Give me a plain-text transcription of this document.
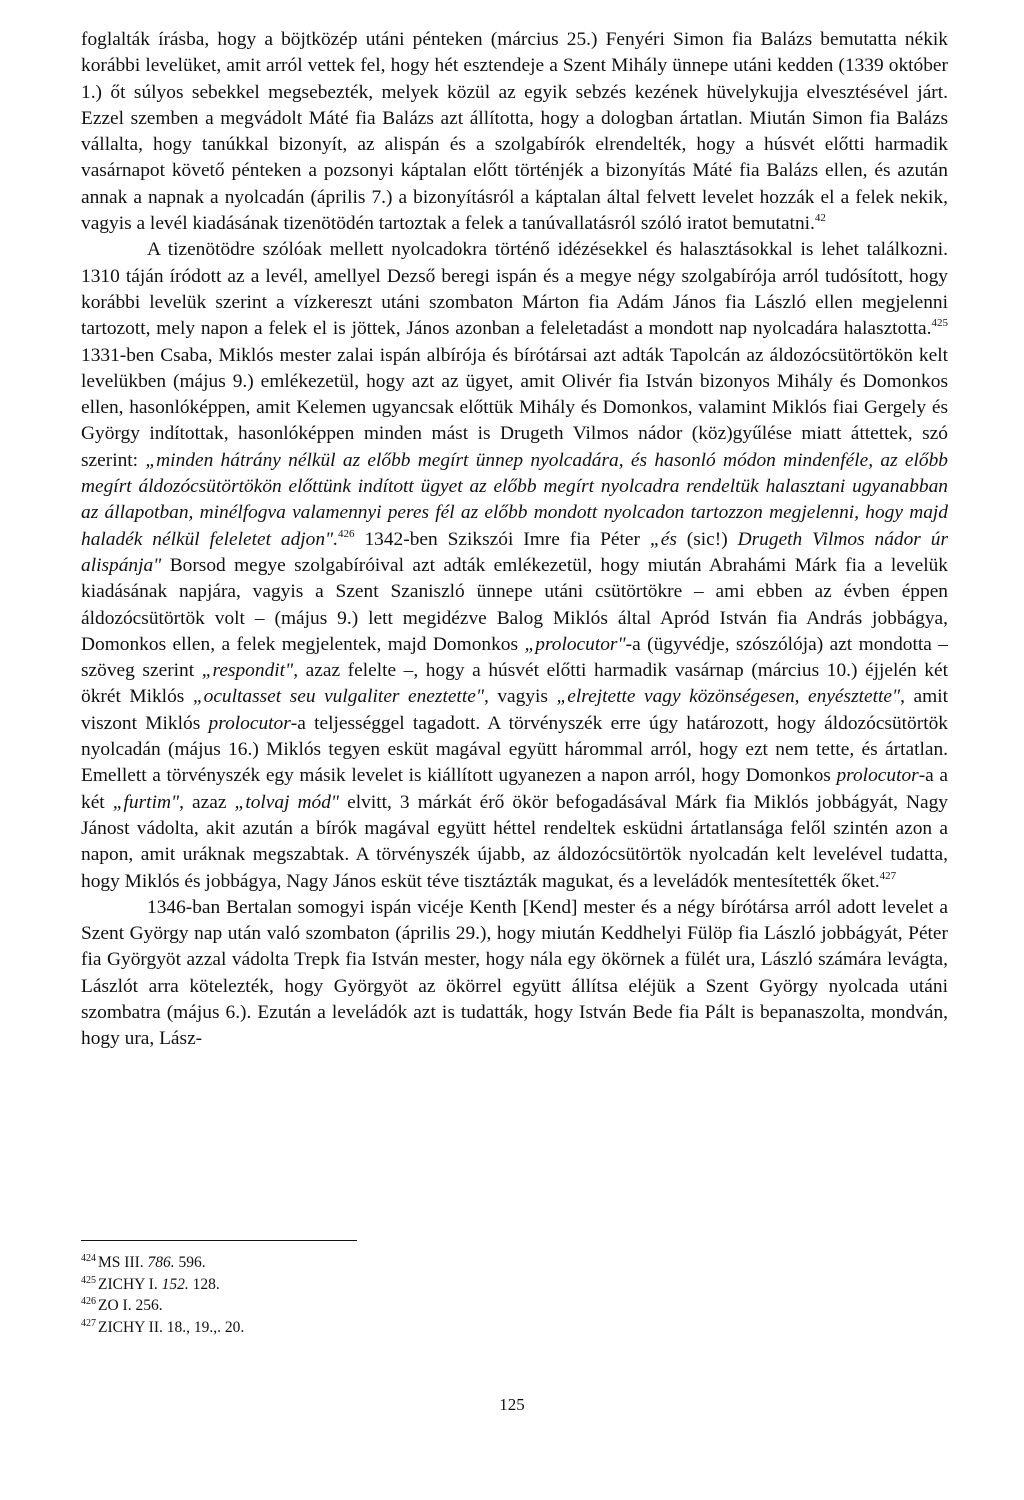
foglalták írásba, hogy a böjtközép utáni pénteken (március 25.) Fenyéri Simon fia Balázs bemutatta nékik korábbi levelüket, amit arról vettek fel, hogy hét esztendeje a Szent Mihály ünnepe utáni kedden (1339 október 1.) őt súlyos sebekkel megsebezték, melyek közül az egyik sebzés kezének hüvelykujja elvesztésével járt. Ezzel szemben a megvádolt Máté fia Balázs azt állította, hogy a dologban ártatlan. Miután Simon fia Balázs vállalta, hogy tanúkkal bizonyít, az alispán és a szolgabírók elrendelték, hogy a húsvét előtti harmadik vasárnapot követő pénteken a pozsonyi káptalan előtt történjék a bizonyítás Máté fia Balázs ellen, és azután annak a napnak a nyolcadán (április 7.) a bizonyításról a káptalan által felvett levelet hozzák el a felek nekik, vagyis a levél kiadásának tizenötödén tartoztak a felek a tanúvallatásról szóló iratot bemutatni.$^{42}$

A tizenötödre szólóak mellett nyolcadokra történő idézésekkel és halasztásokkal is lehet találkozni. 1310 táján íródott az a levél, amellyel Dezső beregi ispán és a megye négy szolgabírója arról tudósított, hogy korábbi levelük szerint a vízkereszt utáni szombaton Márton fia Adám János fia László ellen megjelenni tartozott, mely napon a felek el is jöttek, János azonban a feleletadást a mondott nap nyolcadára halasztotta.$^{425}$ 1331-ben Csaba, Miklós mester zalai ispán albírója és bírótársai azt adták Tapolcán az áldozócsütörtökön kelt levelükben (május 9.) emlékezetül, hogy azt az ügyet, amit Olivér fia István bizonyos Mihály és Domonkos ellen, hasonlóképpen, amit Kelemen ugyancsak előttük Mihály és Domonkos, valamint Miklós fiai Gergely és György indítottak, hasonlóképpen minden mást is Drugeth Vilmos nádor (köz)gyűlése miatt áttettek, szó szerint: „minden hátrány nélkül az előbb megírt ünnep nyolcadára, és hasonló módon mindenféle, az előbb megírt áldozócsütörtökön előttünk indított ügyet az előbb megírt nyolcadra rendeltük halasztani ugyanabban az állapotban, minélfogva valamennyi peres fél az előbb mondott nyolcadon tartozzon megjelenni, hogy majd haladék nélkül feleletet adjon".$^{426}$ 1342-ben Szikszói Imre fia Péter „és (sic!) Drugeth Vilmos nádor úr alispánja" Borsod megye szolgabíróival azt adták emlékezetül, hogy miután Abrahámi Márk fia a levelük kiadásának napjára, vagyis a Szent Szaniszló ünnepe utáni csütörtökre – ami ebben az évben éppen áldozócsütörtök volt – (május 9.) lett megidézve Balog Miklós által Apród István fia András jobbágya, Domonkos ellen, a felek megjelentek, majd Domonkos „prolocutor"-a (ügyvédje, szószólója) azt mondotta – szöveg szerint „respondit", azaz felelte –, hogy a húsvét előtti harmadik vasárnap (március 10.) éjjelén két ökrét Miklós „ocultasset seu vulgaliter eneztette", vagyis „elrejtette vagy közönségesen, enyésztette", amit viszont Miklós prolocutor-a teljességgel tagadott. A törvényszék erre úgy határozott, hogy áldozócsütörtök nyolcadán (május 16.) Miklós tegyen esküt magával együtt hárommal arról, hogy ezt nem tette, és ártatlan. Emellett a törvényszék egy másik levelet is kiállított ugyanezen a napon arról, hogy Domonkos prolocutor-a a két „furtim", azaz „tolvaj mód" elvitt, 3 márkát érő ökör befogadásával Márk fia Miklós jobbágyát, Nagy Jánost vádolta, akit azután a bírók magával együtt héttel rendeltek esküdni ártatlansága felől szintén azon a napon, amit uráknak megszabtak. A törvényszék újabb, az áldozócsütörtök nyolcadán kelt levelével tudatta, hogy Miklós és jobbágya, Nagy János esküt téve tisztázták magukat, és a leveládók mentesítették őket.$^{427}$

1346-ban Bertalan somogyi ispán vicéje Kenth [Kend] mester és a négy bírótársa arról adott levelet a Szent György nap után való szombaton (április 29.), hogy miután Keddhelyi Fülöp fia László jobbágyát, Péter fia Györgyöt azzal vádolta Trepk fia István mester, hogy nála egy ökörnek a fülét ura, László számára levágta, Lászlót arra kötelezték, hogy Györgyöt az ökörrel együtt állítsa eléjük a Szent György nyolcada utáni szombatra (május 6.). Ezután a leveládók azt is tudatták, hogy István Bede fia Pált is bepanaszolta, mondván, hogy ura, Lász-

$^{424}$ MS III. 786. 596.
$^{425}$ ZICHY I. 152. 128.
$^{426}$ ZO I. 256.
$^{427}$ ZICHY II. 18., 19.,. 20.
125
